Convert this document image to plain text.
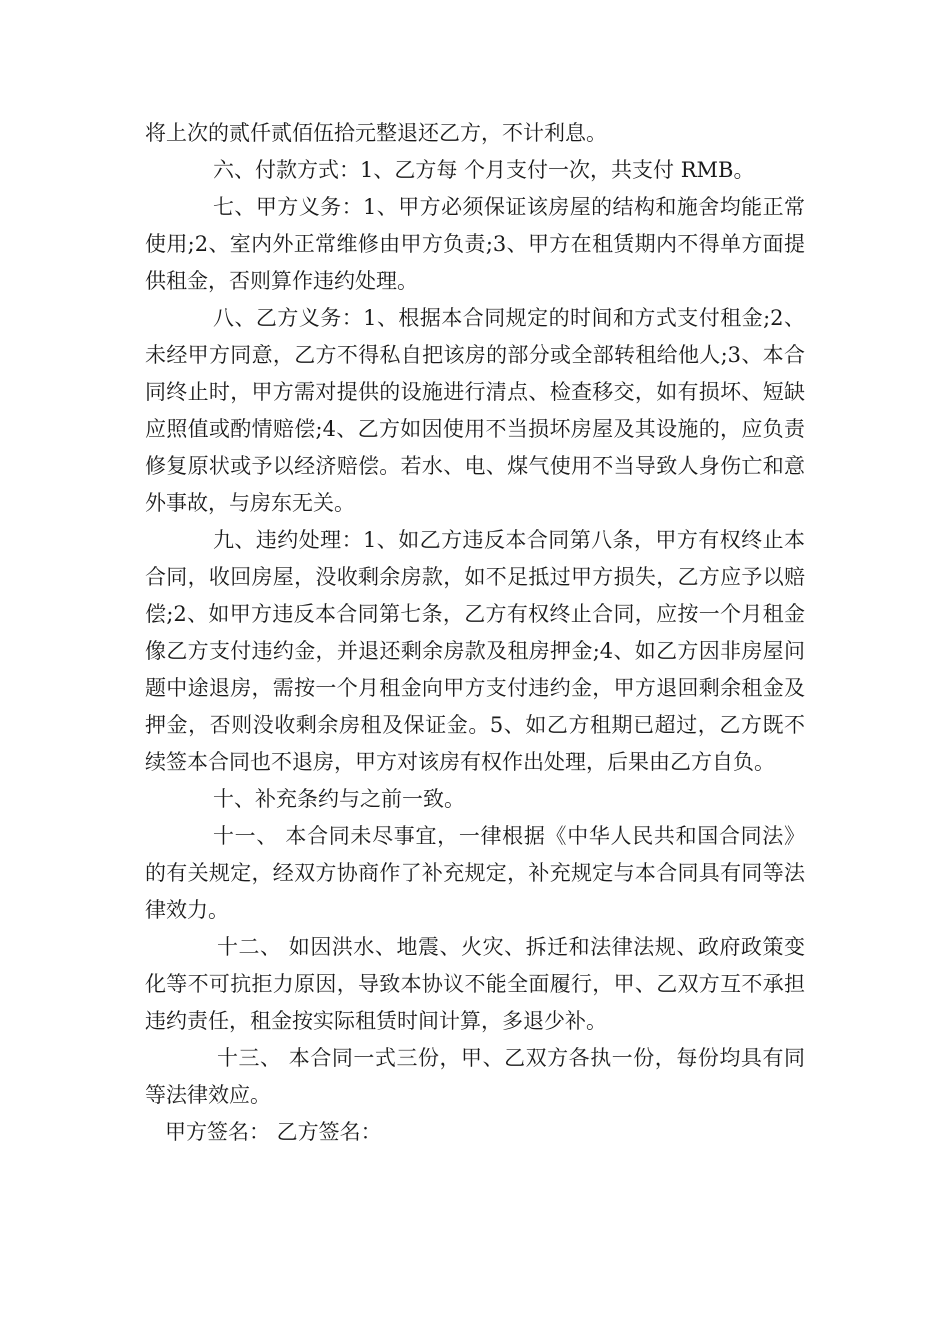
将上次的贰仟贰佰伍拾元整退还乙方，不计利息。

六、付款方式：1、乙方每 个月支付一次，共支付 RMB。

七、甲方义务：1、甲方必须保证该房屋的结构和施舍均能正常使用;2、室内外正常维修由甲方负责;3、甲方在租赁期内不得单方面提供租金，否则算作违约处理。

八、乙方义务：1、根据本合同规定的时间和方式支付租金;2、未经甲方同意，乙方不得私自把该房的部分或全部转租给他人;3、本合同终止时，甲方需对提供的设施进行清点、检查移交，如有损坏、短缺应照值或酌情赔偿;4、乙方如因使用不当损坏房屋及其设施的，应负责修复原状或予以经济赔偿。若水、电、煤气使用不当导致人身伤亡和意外事故，与房东无关。

九、违约处理：1、如乙方违反本合同第八条，甲方有权终止本合同，收回房屋，没收剩余房款，如不足抵过甲方损失，乙方应予以赔偿;2、如甲方违反本合同第七条，乙方有权终止合同，应按一个月租金像乙方支付违约金，并退还剩余房款及租房押金;4、如乙方因非房屋问题中途退房，需按一个月租金向甲方支付违约金，甲方退回剩余租金及押金，否则没收剩余房租及保证金。5、如乙方租期已超过，乙方既不续签本合同也不退房，甲方对该房有权作出处理，后果由乙方自负。

十、补充条约与之前一致。

十一、 本合同未尽事宜，一律根据《中华人民共和国合同法》的有关规定，经双方协商作了补充规定，补充规定与本合同具有同等法律效力。

十二、 如因洪水、地震、火灾、拆迁和法律法规、政府政策变化等不可抗拒力原因，导致本协议不能全面履行，甲、乙双方互不承担违约责任，租金按实际租赁时间计算，多退少补。

十三、 本合同一式三份，甲、乙双方各执一份，每份均具有同等法律效应。

甲方签名： 乙方签名：
